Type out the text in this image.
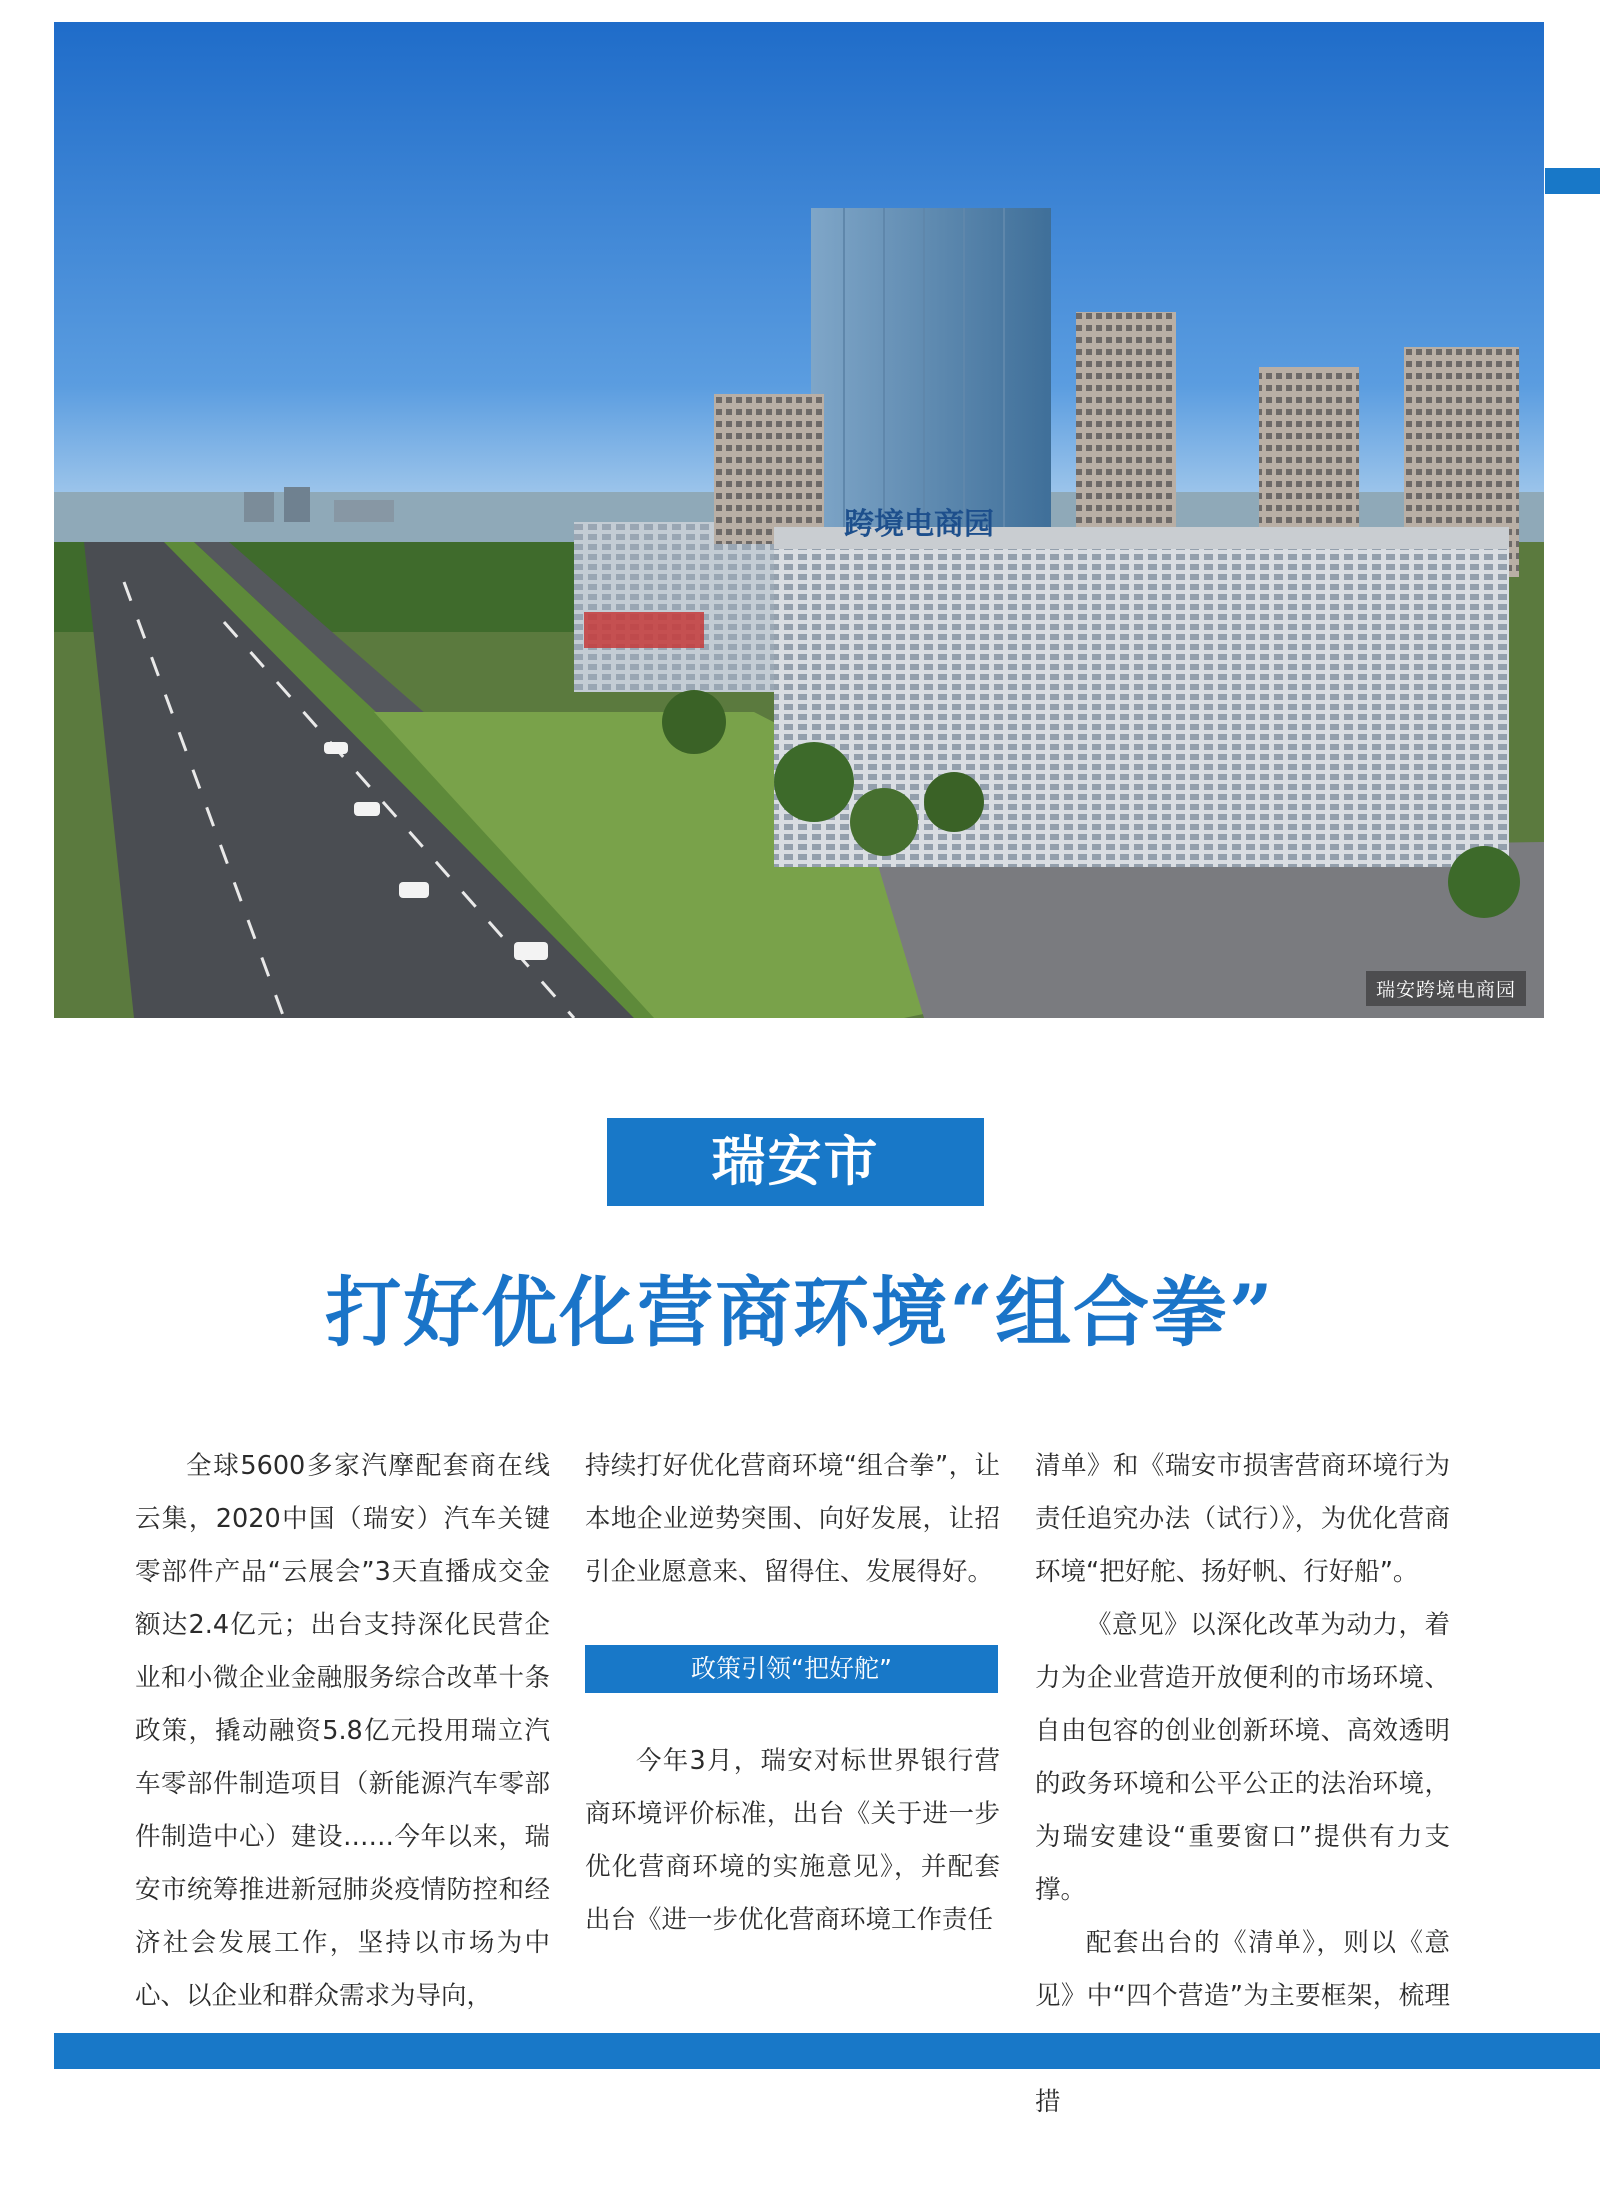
跨境电商园
瑞安跨境电商园
瑞安市
打好优化营商环境“组合拳”

全球5600多家汽摩配套商在线云集，2020中国（瑞安）汽车关键零部件产品“云展会”3天直播成交金额达2.4亿元；出台支持深化民营企业和小微企业金融服务综合改革十条政策，撬动融资5.8亿元投用瑞立汽车零部件制造项目（新能源汽车零部件制造中心）建设……今年以来，瑞安市统筹推进新冠肺炎疫情防控和经济社会发展工作，坚持以市场为中心、以企业和群众需求为导向，

持续打好优化营商环境“组合拳”，让本地企业逆势突围、向好发展，让招引企业愿意来、留得住、发展得好。

政策引领“把好舵”

今年3月，瑞安对标世界银行营商环境评价标准，出台《关于进一步优化营商环境的实施意见》，并配套出台《进一步优化营商环境工作责任

清单》和《瑞安市损害营商环境行为责任追究办法（试行）》，为优化营商环境“把好舵、扬好帆、行好船”。

《意见》以深化改革为动力，着力为企业营造开放便利的市场环境、自由包容的创业创新环境、高效透明的政务环境和公平公正的法治环境，为瑞安建设“重要窗口”提供有力支撑。

配套出台的《清单》，则以《意见》中“四个营造”为主要框架，梳理 措
